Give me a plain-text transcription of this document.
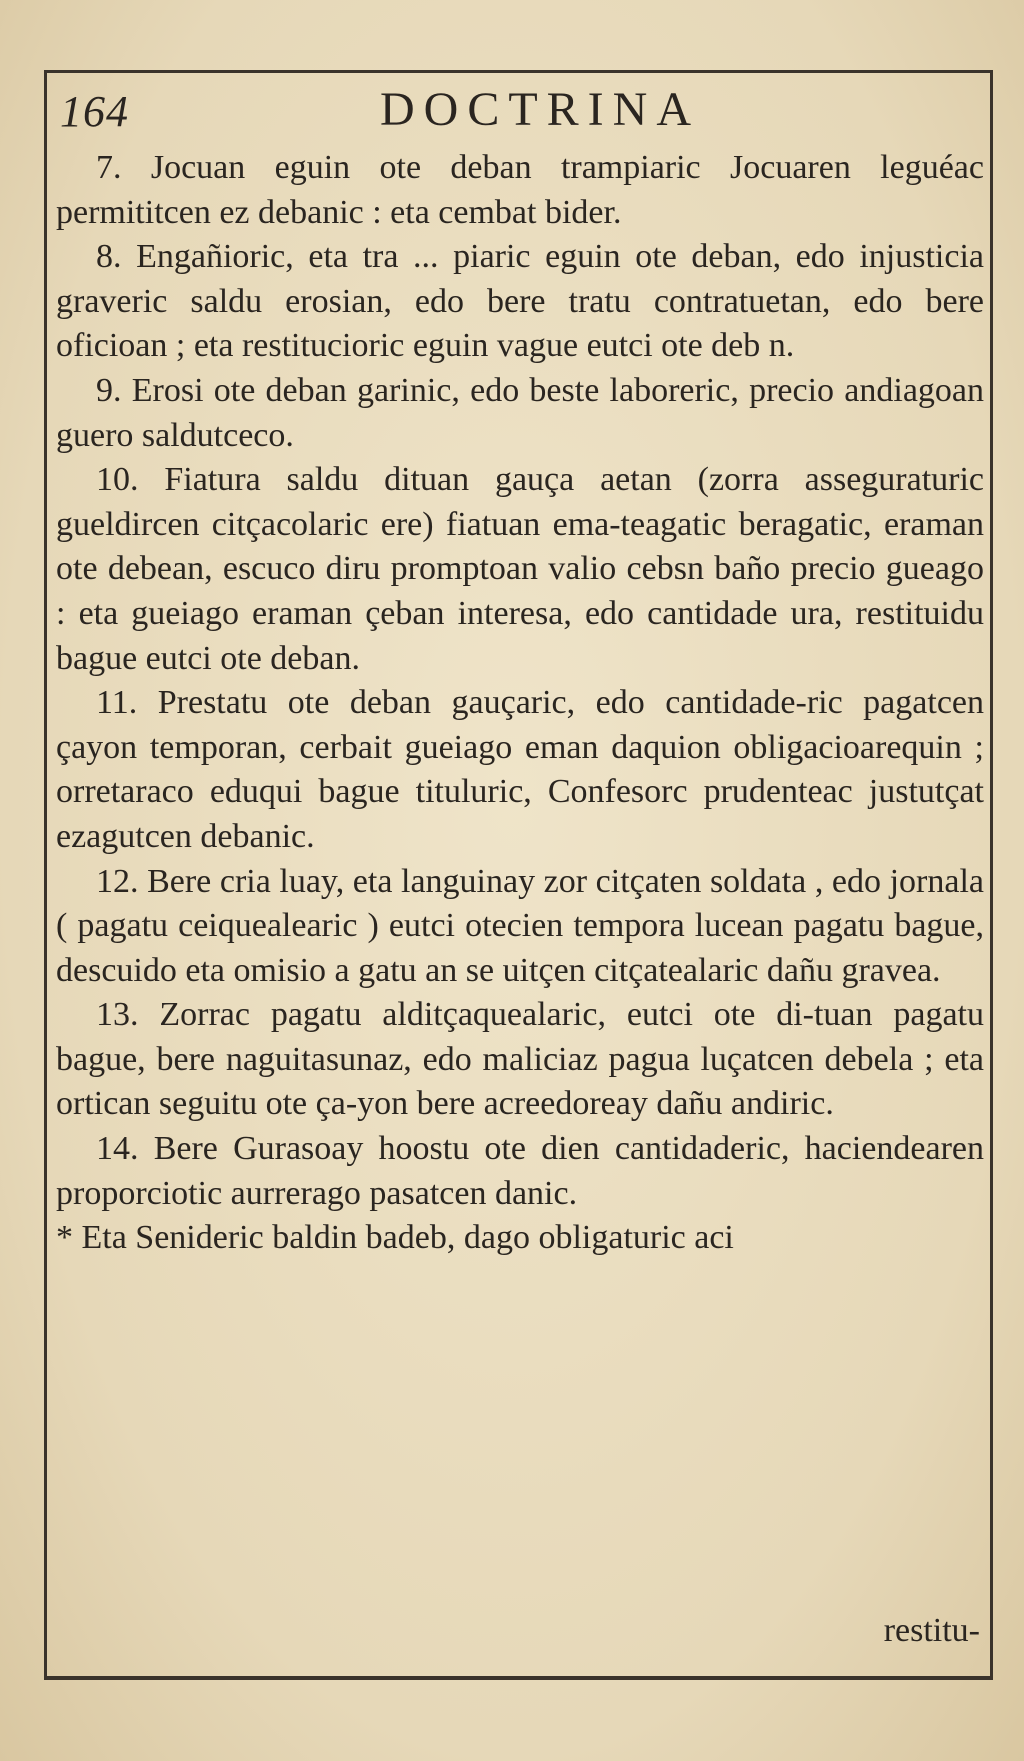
164	DOCTRINA

7. Jocuan eguin ote deban trampiaric Jocuaren leguéac permititcen ez debanic : eta cembat bider.

8. Engañioric, eta tra ... piaric eguin ote deban, edo injusticia graveric saldu erosian, edo bere tratu contratuetan, edo bere oficioan ; eta restitucioric eguin vague eutci ote deb n.

9. Erosi ote deban garinic, edo beste laboreric, precio andiagoan guero saldutceco.

10. Fiatura saldu dituan gauça aetan (zorra asseguraturic gueldircen citçacolaric ere) fiatuan ema-teagatic beragatic, eraman ote debean, escuco diru promptoan valio cebsn baño precio gueago : eta gueiago eraman çeban interesa, edo cantidade ura, restituidu bague eutci ote deban.

11. Prestatu ote deban gauçaric, edo cantidade-ric pagatcen çayon temporan, cerbait gueiago eman daquion obligacioarequin ; orretaraco eduqui bague tituluric, Confesorc prudenteac justutçat ezagutcen debanic.

12. Bere cria luay, eta languinay zor citçaten soldata , edo jornala ( pagatu ceiquealearic ) eutci otecien tempora lucean pagatu bague, descuido eta omisio a gatu an se uitçen citçatealaric dañu gravea.

13. Zorrac pagatu alditçaquealaric, eutci ote di-tuan pagatu bague, bere naguitasunaz, edo maliciaz pagua luçatcen debela ; eta ortican seguitu ote ça-yon bere acreedoreay dañu andiric.

14. Bere Gurasoay hoostu ote dien cantidaderic, haciendearen proporciotic aurrerago pasatcen danic.

* Eta Senideric baldin badeb, dago obligaturic aci

restitu-
